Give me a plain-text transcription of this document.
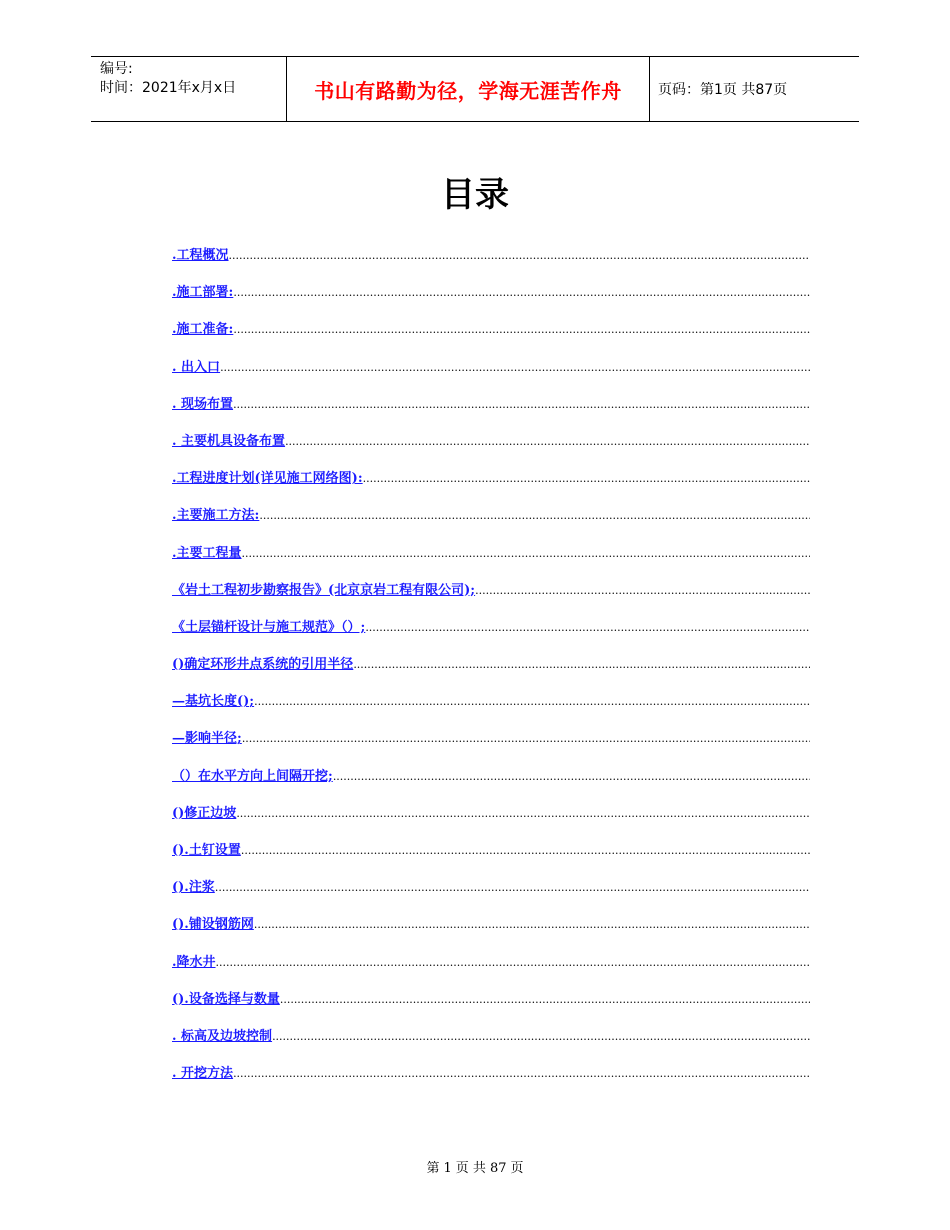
编号:
时间：2021年x月x日	书山有路勤为径，学海无涯苦作舟	页码：第1页 共87页
目录
.工程概况
.....
.施工部署:
.....
.施工准备:
.....
. 出入口
.....
. 现场布置
.....
. 主要机具设备布置
.....
.工程进度计划(详见施工网络图):
.....
.主要施工方法:
.....
.主要工程量
.....
《岩土工程初步勘察报告》(北京京岩工程有限公司);
.....
《土层锚杆设计与施工规范》（）;
.....
()确定环形井点系统的引用半径
.....
—基坑长度();
.....
—影响半径;
.....
（）在水平方向上间隔开挖;
.....
()修正边坡
.....
().土钉设置
.....
().注浆
.....
().铺设钢筋网
.....
.降水井
.....
().设备选择与数量
.....
. 标高及边坡控制
.....
. 开挖方法
.....
第 1 页 共 87 页
